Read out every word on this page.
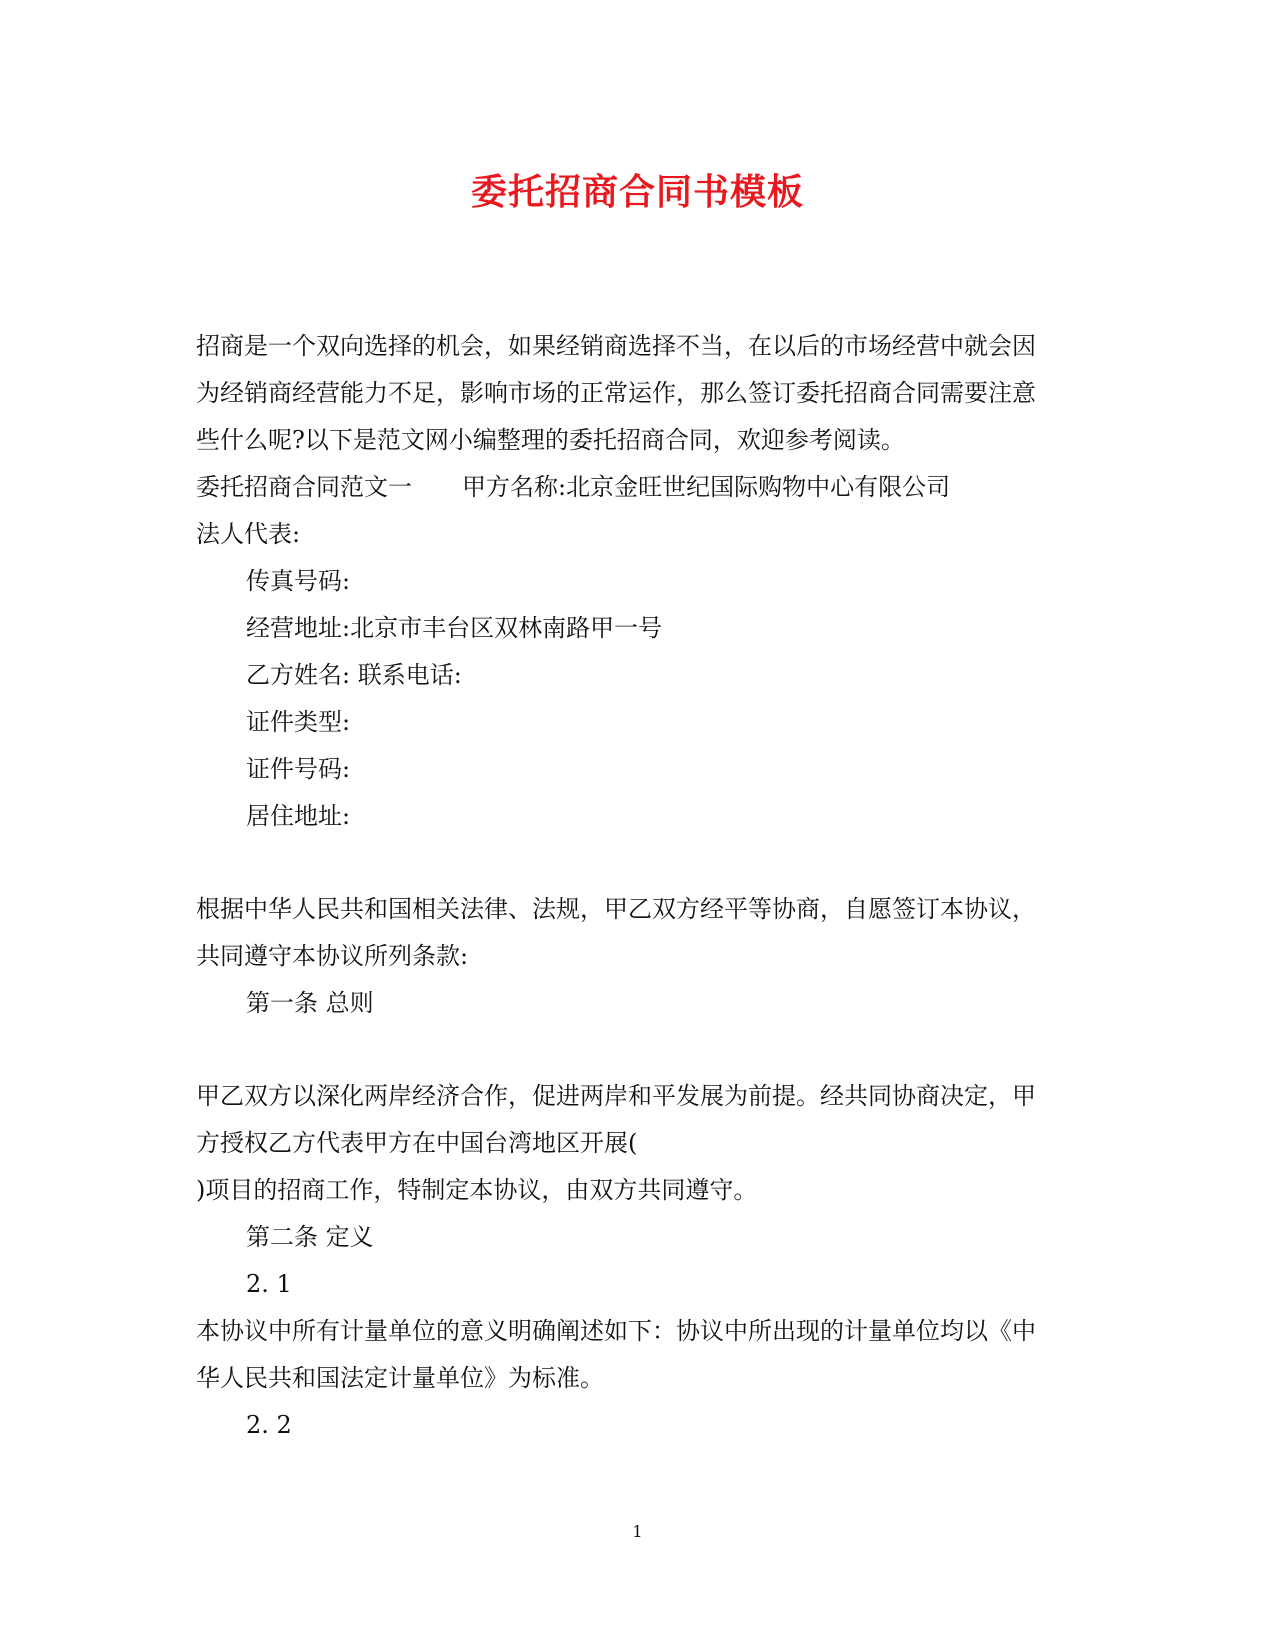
委托招商合同书模板
招商是一个双向选择的机会，如果经销商选择不当，在以后的市场经营中就会因
为经销商经营能力不足，影响市场的正常运作，那么签订委托招商合同需要注意
些什么呢?以下是范文网小编整理的委托招商合同，欢迎参考阅读。
委托招商合同范文一 甲方名称:北京金旺世纪国际购物中心有限公司
法人代表:
传真号码:
经营地址:北京市丰台区双林南路甲一号
乙方姓名: 联系电话:
证件类型:
证件号码:
居住地址:
根据中华人民共和国相关法律、法规，甲乙双方经平等协商，自愿签订本协议，
共同遵守本协议所列条款:
第一条 总则
甲乙双方以深化两岸经济合作，促进两岸和平发展为前提。经共同协商决定，甲
方授权乙方代表甲方在中国台湾地区开展(
)项目的招商工作，特制定本协议，由双方共同遵守。
第二条 定义
2. 1
本协议中所有计量单位的意义明确阐述如下：协议中所出现的计量单位均以《中
华人民共和国法定计量单位》为标准。
2. 2
1
